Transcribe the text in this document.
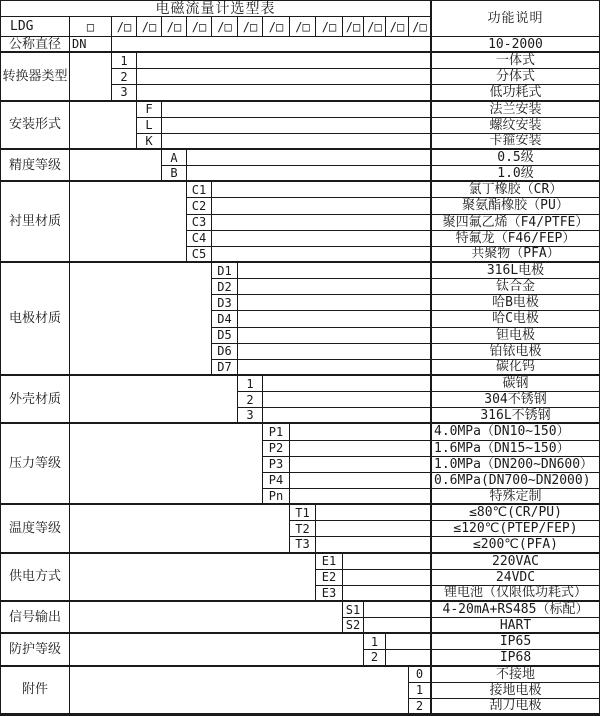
电磁流量计选型表
功能说明
LDG	□	/□ /□ /□ /□ /□ /□ /□	/□	/□ /□ /□ /□ /□
公称直径 DN	10-2000
转换器类型
1	一体式
2	分体式
3	低功耗式
安装形式
F	法兰安装
L	螺纹安装
K	卡箍安装
精度等级
A	0.5级
B	1.0级
衬里材质
C1	氯丁橡胶（CR）
C2	聚氨酯橡胶（PU）
C3	聚四氟乙烯（F4/PTFE）
C4	特氟龙（F46/FEP）
C5	共聚物（PFA）
电极材质
D1	316L电极
D2	钛合金
D3	哈B电极
D4	哈C电极
D5	钽电极
D6	铂铱电极
D7	碳化钨
外壳材质
1	碳钢
2	304不锈钢
3	316L不锈钢
压力等级
P1	4.0MPa（DN10~150）
P2	1.6MPa（DN15~150）
P3	1.0MPa（DN200~DN600）
P4	0.6MPa(DN700~DN2000)
Pn	特殊定制
温度等级
T1	≤80℃(CR/PU)
T2	≤120℃(PTEP/FEP)
T3	≤200℃(PFA)
供电方式
E1	220VAC
E2	24VDC
E3	锂电池（仅限低功耗式）
信号输出
S1	4-20mA+RS485（标配）
S2	HART
防护等级
1	IP65
2	IP68
附件
0	不接地
1	接地电极
2	刮刀电极
